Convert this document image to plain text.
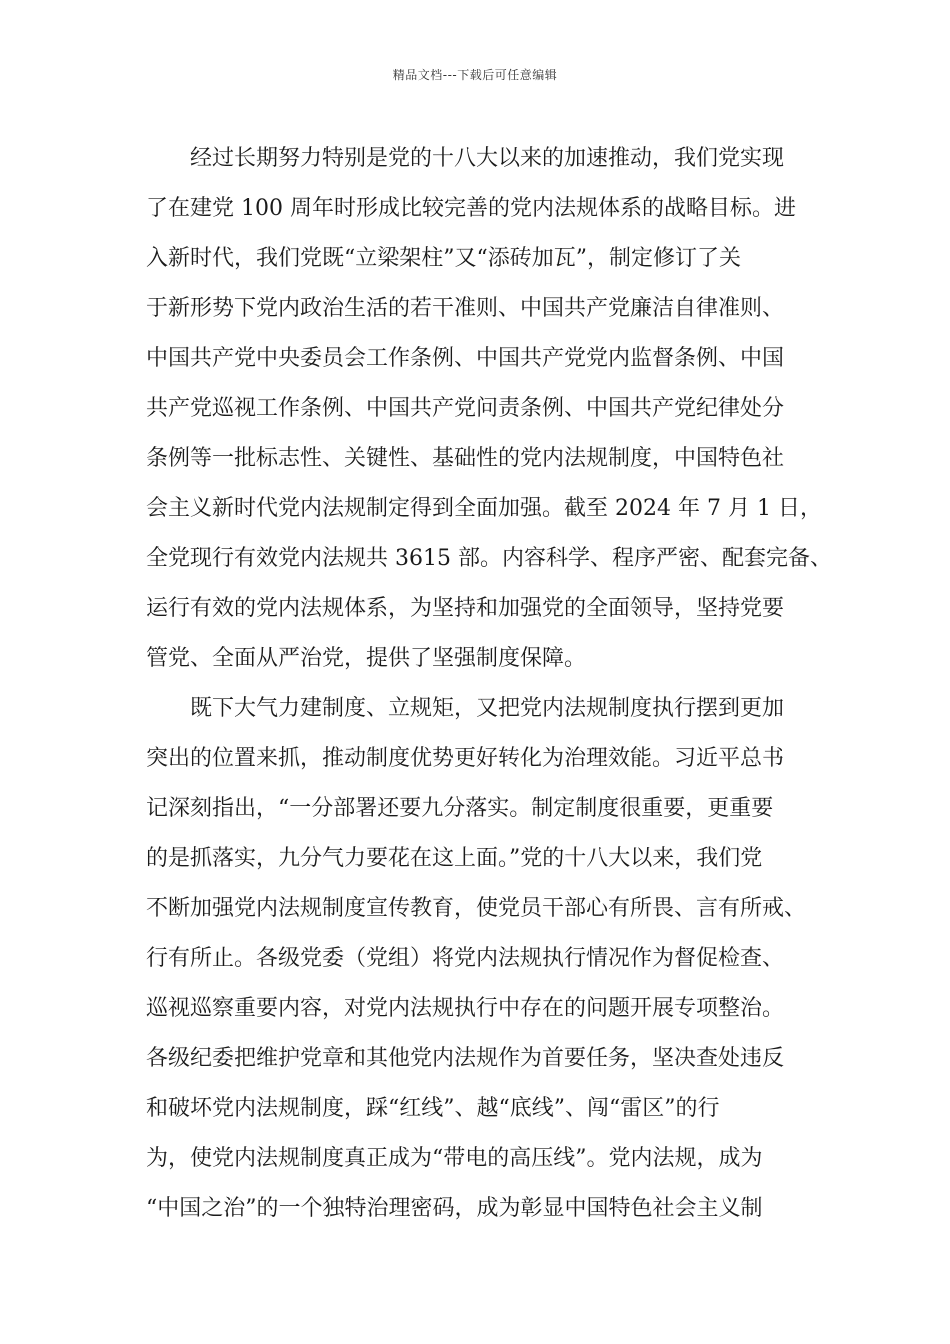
精品文档---下载后可任意编辑
经过长期努力特别是党的十八大以来的加速推动，我们党实现
了在建党 100 周年时形成比较完善的党内法规体系的战略目标。进
入新时代，我们党既“立梁架柱”又“添砖加瓦”，制定修订了关
于新形势下党内政治生活的若干准则、中国共产党廉洁自律准则、
中国共产党中央委员会工作条例、中国共产党党内监督条例、中国
共产党巡视工作条例、中国共产党问责条例、中国共产党纪律处分
条例等一批标志性、关键性、基础性的党内法规制度，中国特色社
会主义新时代党内法规制定得到全面加强。截至 2024 年 7 月 1 日，
全党现行有效党内法规共 3615 部。内容科学、程序严密、配套完备、
运行有效的党内法规体系，为坚持和加强党的全面领导，坚持党要
管党、全面从严治党，提供了坚强制度保障。
既下大气力建制度、立规矩，又把党内法规制度执行摆到更加
突出的位置来抓，推动制度优势更好转化为治理效能。习近平总书
记深刻指出，“一分部署还要九分落实。制定制度很重要，更重要
的是抓落实，九分气力要花在这上面。”党的十八大以来，我们党
不断加强党内法规制度宣传教育，使党员干部心有所畏、言有所戒、
行有所止。各级党委（党组）将党内法规执行情况作为督促检查、
巡视巡察重要内容，对党内法规执行中存在的问题开展专项整治。
各级纪委把维护党章和其他党内法规作为首要任务，坚决查处违反
和破坏党内法规制度，踩“红线”、越“底线”、闯“雷区”的行
为，使党内法规制度真正成为“带电的高压线”。党内法规，成为
“中国之治”的一个独特治理密码，成为彰显中国特色社会主义制
